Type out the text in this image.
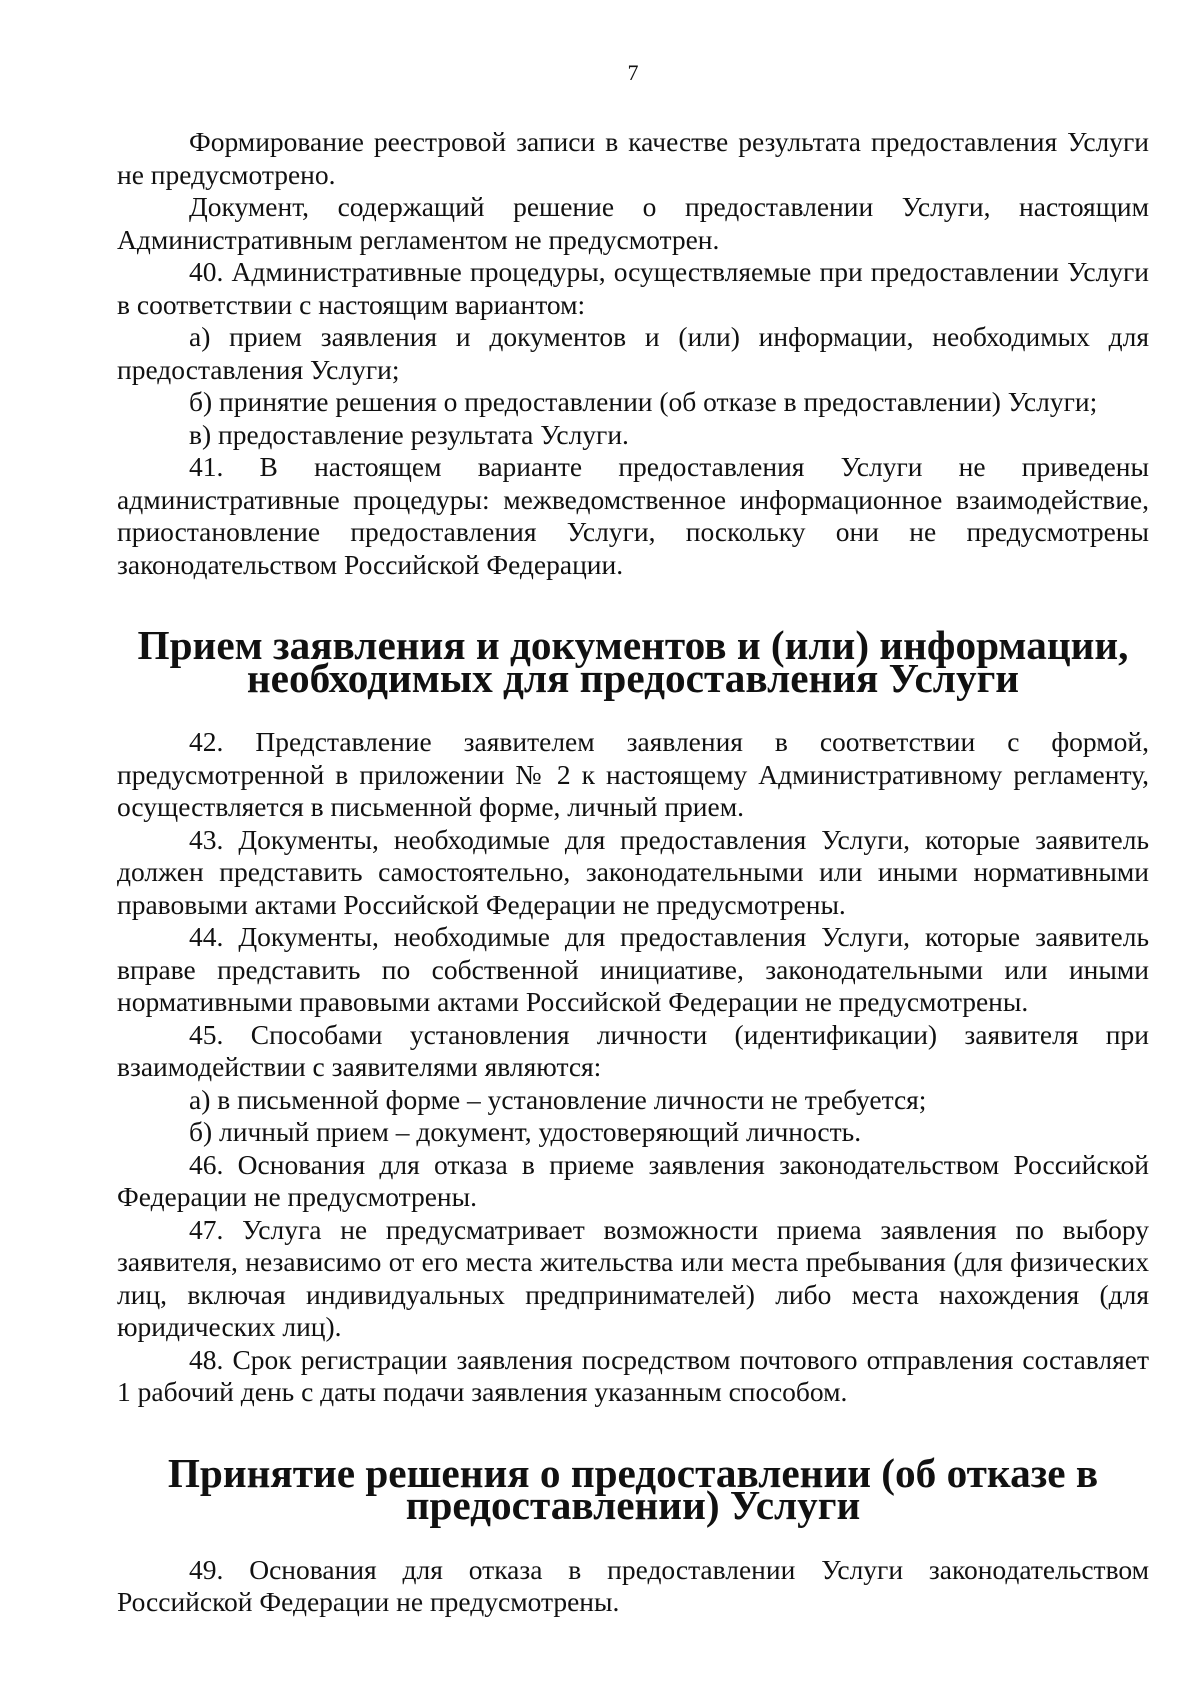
7

Формирование реестровой записи в качестве результата предоставления Услуги не предусмотрено.

Документ, содержащий решение о предоставлении Услуги, настоящим Административным регламентом не предусмотрен.

40. Административные процедуры, осуществляемые при предоставлении Услуги в соответствии с настоящим вариантом:

а) прием заявления и документов и (или) информации, необходимых для предоставления Услуги;

б) принятие решения о предоставлении (об отказе в предоставлении) Услуги;

в) предоставление результата Услуги.

41. В настоящем варианте предоставления Услуги не приведены административные процедуры: межведомственное информационное взаимодействие, приостановление предоставления Услуги, поскольку они не предусмотрены законодательством Российской Федерации.

Прием заявления и документов и (или) информации, необходимых для предоставления Услуги

42. Представление заявителем заявления в соответствии с формой, предусмотренной в приложении № 2 к настоящему Административному регламенту, осуществляется в письменной форме, личный прием.

43. Документы, необходимые для предоставления Услуги, которые заявитель должен представить самостоятельно, законодательными или иными нормативными правовыми актами Российской Федерации не предусмотрены.

44. Документы, необходимые для предоставления Услуги, которые заявитель вправе представить по собственной инициативе, законодательными или иными нормативными правовыми актами Российской Федерации не предусмотрены.

45. Способами установления личности (идентификации) заявителя при взаимодействии с заявителями являются:

а) в письменной форме – установление личности не требуется;

б) личный прием – документ, удостоверяющий личность.

46. Основания для отказа в приеме заявления законодательством Российской Федерации не предусмотрены.

47. Услуга не предусматривает возможности приема заявления по выбору заявителя, независимо от его места жительства или места пребывания (для физических лиц, включая индивидуальных предпринимателей) либо места нахождения (для юридических лиц).

48. Срок регистрации заявления посредством почтового отправления составляет 1 рабочий день с даты подачи заявления указанным способом.

Принятие решения о предоставлении (об отказе в предоставлении) Услуги

49. Основания для отказа в предоставлении Услуги законодательством Российской Федерации не предусмотрены.
